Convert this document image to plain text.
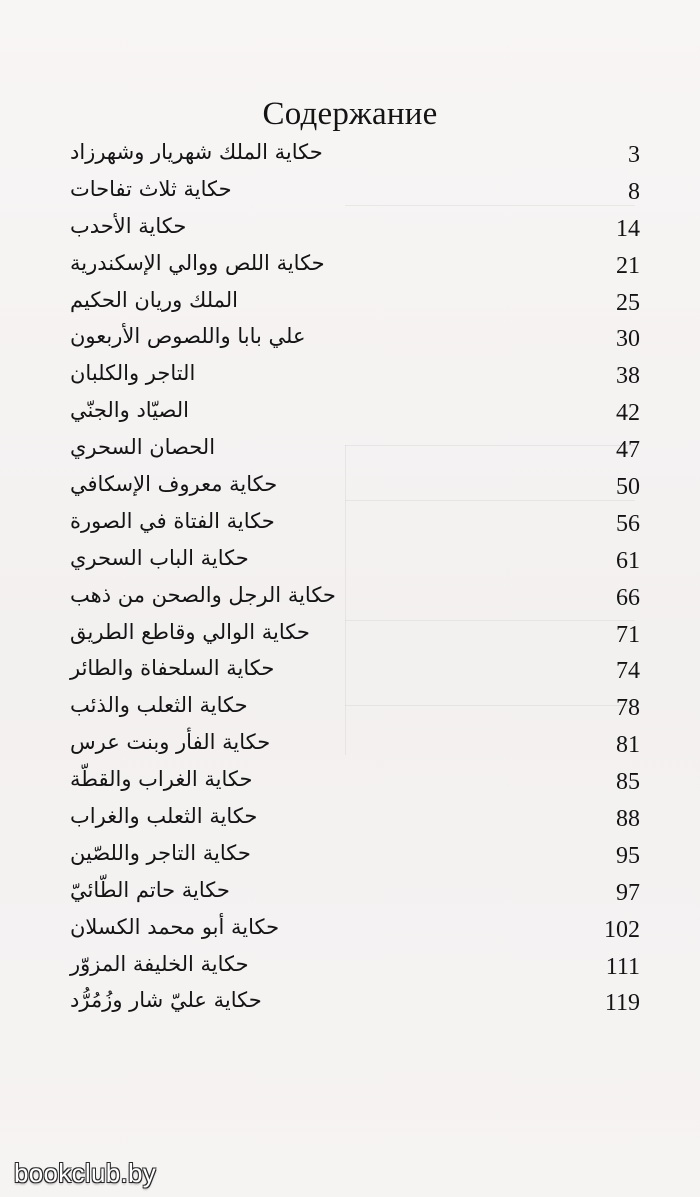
Содержание
حكاية الملك شهريار وشهرزاد	3
حكاية ثلاث تفاحات	8
حكاية الأحدب	14
حكاية اللص ووالي الإسكندرية	21
الملك وريان الحكيم	25
علي بابا واللصوص الأربعون	30
التاجر والكلبان	38
الصيّاد والجنّي	42
الحصان السحري	47
حكاية معروف الإسكافي	50
حكاية الفتاة في الصورة	56
حكاية الباب السحري	61
حكاية الرجل والصحن من ذهب	66
حكاية الوالي وقاطع الطريق	71
حكاية السلحفاة والطائر	74
حكاية الثعلب والذئب	78
حكاية الفأر وبنت عرس	81
حكاية الغراب والقطّة	85
حكاية الثعلب والغراب	88
حكاية التاجر واللصّين	95
حكاية حاتم الطّائيّ	97
حكاية أبو محمد الكسلان	102
حكاية الخليفة المزوّر	111
حكاية عليّ شار وزُمُرُّد	119
bookclub.by
